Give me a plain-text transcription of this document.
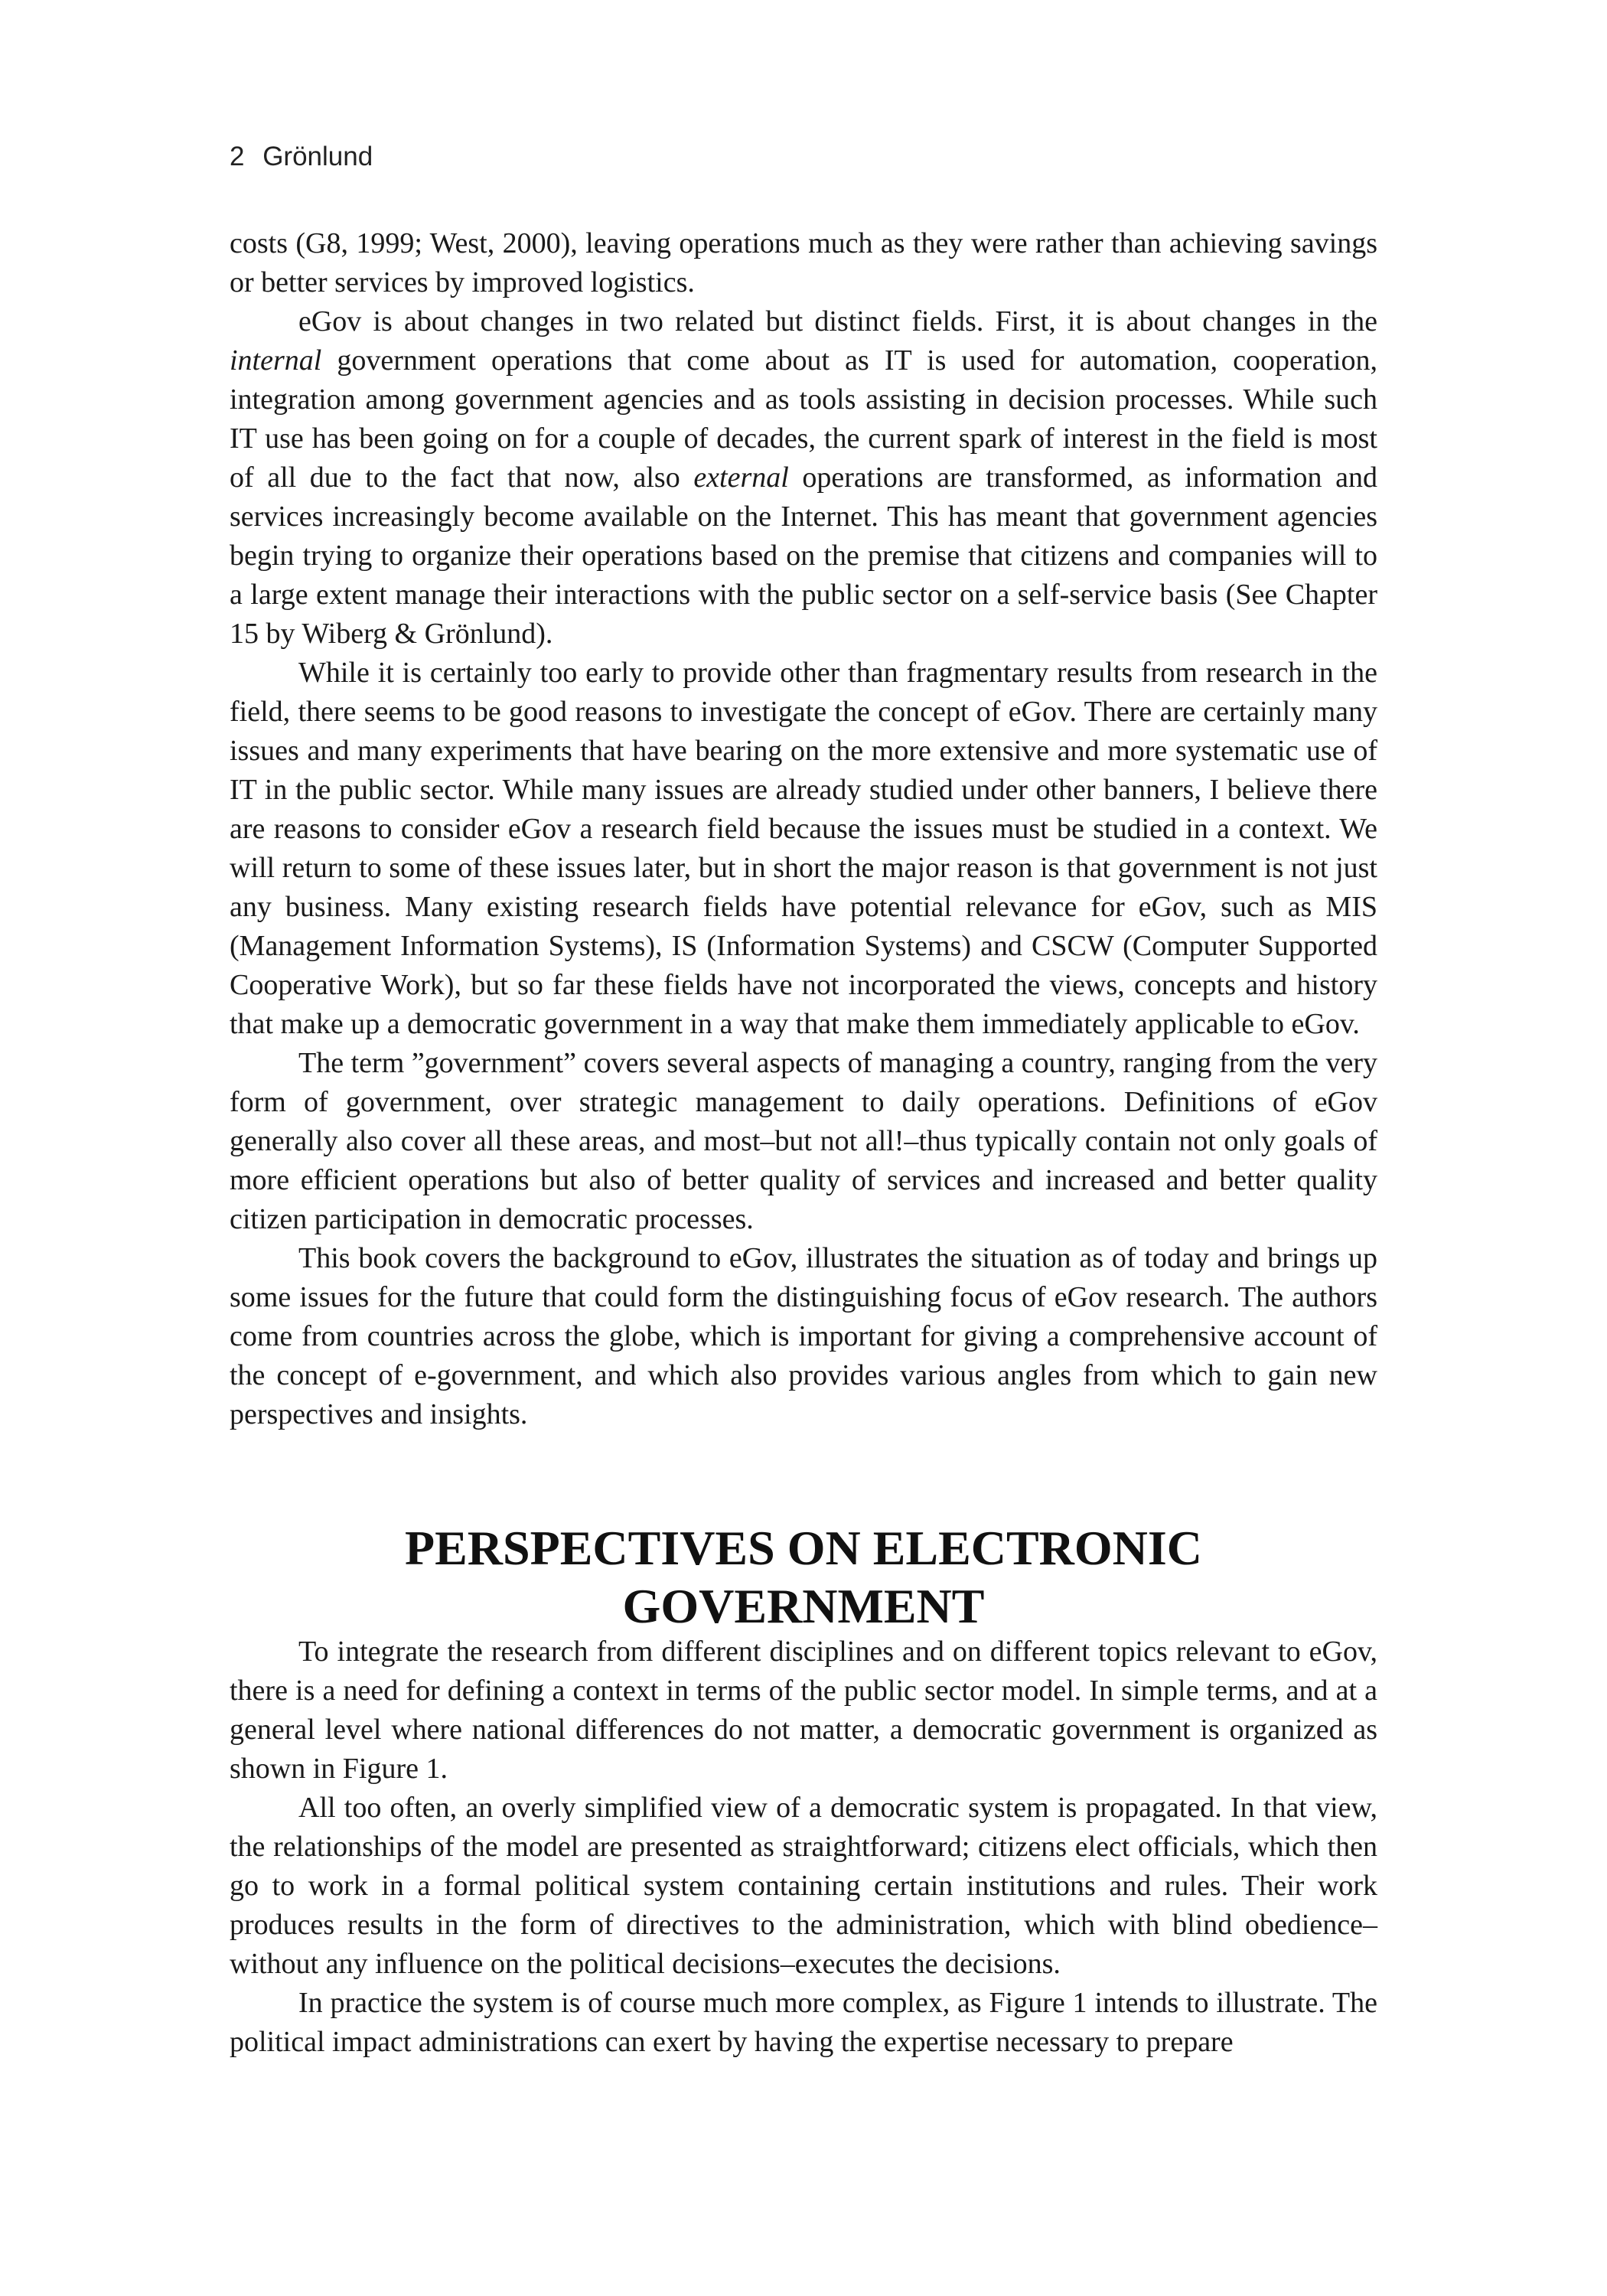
2 Grönlund

costs (G8, 1999; West, 2000), leaving operations much as they were rather than achieving savings or better services by improved logistics.

eGov is about changes in two related but distinct fields. First, it is about changes in the internal government operations that come about as IT is used for automation, cooperation, integration among government agencies and as tools assisting in decision processes. While such IT use has been going on for a couple of decades, the current spark of interest in the field is most of all due to the fact that now, also external operations are transformed, as information and services increasingly become available on the Internet. This has meant that government agencies begin trying to organize their operations based on the premise that citizens and companies will to a large extent manage their interactions with the public sector on a self-service basis (See Chapter 15 by Wiberg & Grönlund).

While it is certainly too early to provide other than fragmentary results from research in the field, there seems to be good reasons to investigate the concept of eGov. There are certainly many issues and many experiments that have bearing on the more extensive and more systematic use of IT in the public sector. While many issues are already studied under other banners, I believe there are reasons to consider eGov a research field because the issues must be studied in a context. We will return to some of these issues later, but in short the major reason is that government is not just any business. Many existing research fields have potential relevance for eGov, such as MIS (Management Information Systems), IS (Information Systems) and CSCW (Computer Supported Cooperative Work), but so far these fields have not incorporated the views, concepts and history that make up a democratic government in a way that make them immediately applicable to eGov.

The term ”government” covers several aspects of managing a country, ranging from the very form of government, over strategic management to daily operations. Definitions of eGov generally also cover all these areas, and most–but not all!–thus typically contain not only goals of more efficient operations but also of better quality of services and increased and better quality citizen participation in democratic processes.

This book covers the background to eGov, illustrates the situation as of today and brings up some issues for the future that could form the distinguishing focus of eGov research. The authors come from countries across the globe, which is important for giving a comprehensive account of the concept of e-government, and which also provides various angles from which to gain new perspectives and insights.

PERSPECTIVES ON ELECTRONIC
GOVERNMENT

To integrate the research from different disciplines and on different topics relevant to eGov, there is a need for defining a context in terms of the public sector model. In simple terms, and at a general level where national differences do not matter, a democratic government is organized as shown in Figure 1.

All too often, an overly simplified view of a democratic system is propagated. In that view, the relationships of the model are presented as straightforward; citizens elect officials, which then go to work in a formal political system containing certain institutions and rules. Their work produces results in the form of directives to the administration, which with blind obedience–without any influence on the political decisions–executes the decisions.

In practice the system is of course much more complex, as Figure 1 intends to illustrate. The political impact administrations can exert by having the expertise necessary to prepare
